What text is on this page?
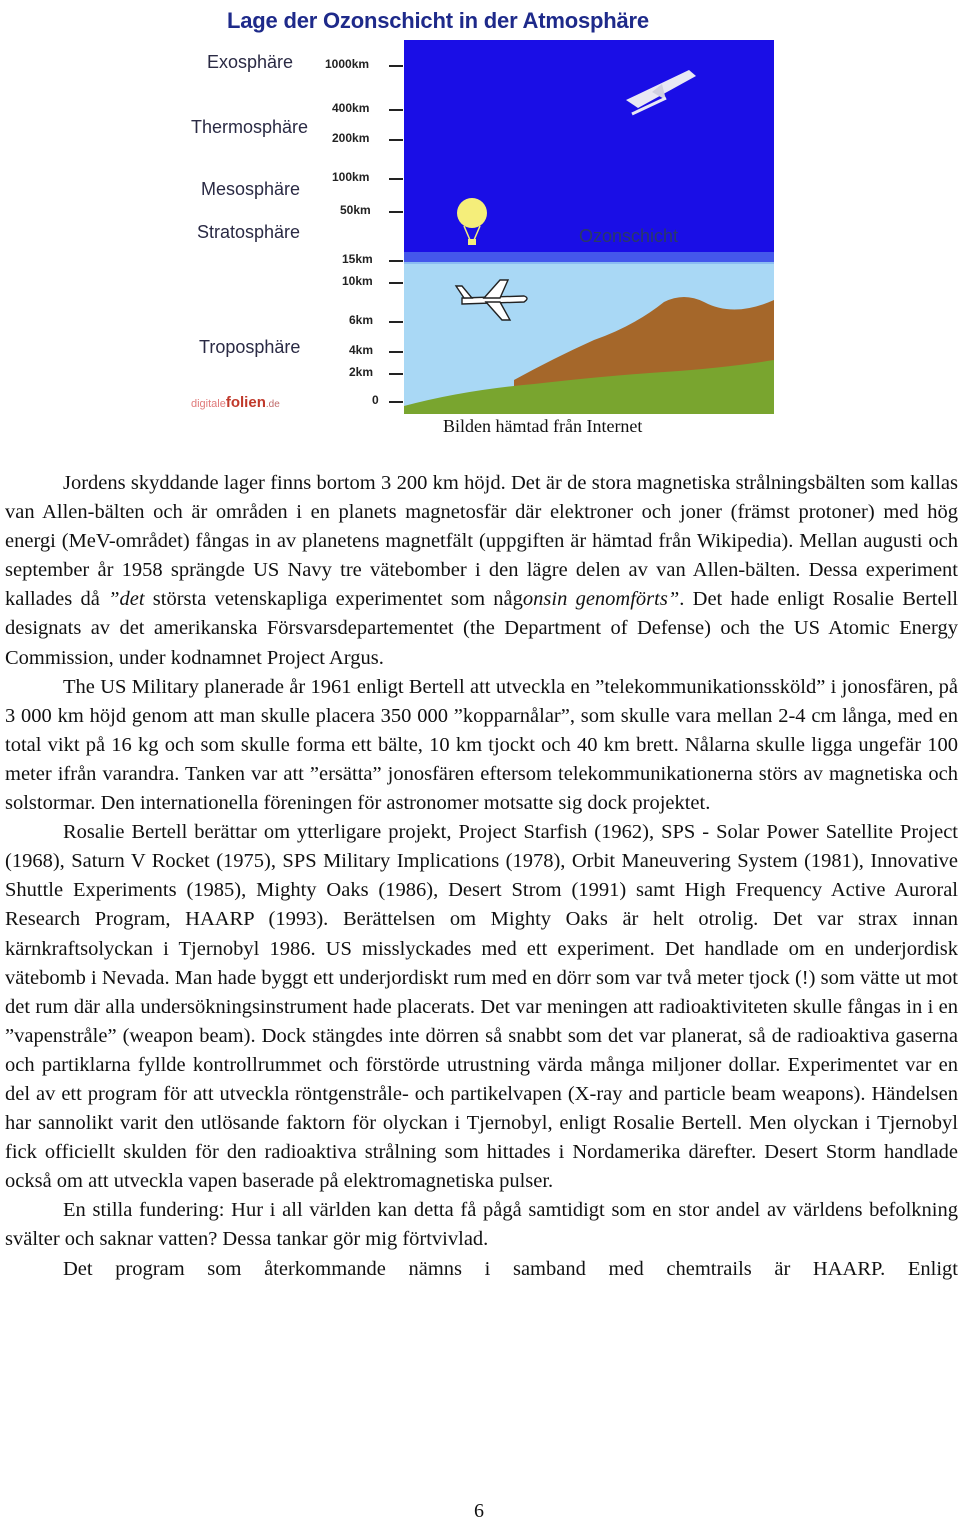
Lage der Ozonschicht in der Atmosphäre
Exosphäre
Thermosphäre
Mesosphäre
Stratosphäre
Troposphäre
1000km
400km
200km
100km
50km
15km
10km
6km
4km
2km
0
Ozonschicht
digitalefolien.de
Bilden hämtad från Internet

Jordens skyddande lager finns bortom 3 200 km höjd. Det är de stora magnetiska strålningsbälten som kallas van Allen-bälten och är områden i en planets magnetosfär där elektroner och joner (främst protoner) med hög energi (MeV-området) fångas in av planetens magnetfält (uppgiften är hämtad från Wikipedia). Mellan augusti och september år 1958 sprängde US Navy tre vätebomber i den lägre delen av van Allen-bälten. Dessa experiment kallades då ”det största vetenskapliga experimentet som någonsin genomförts”. Det hade enligt Rosalie Bertell designats av det amerikanska Försvarsdepartementet (the Department of Defense) och the US Atomic Energy Commission, under kodnamnet Project Argus.

The US Military planerade år 1961 enligt Bertell att utveckla en ”telekommunikationssköld” i jonosfären, på 3 000 km höjd genom att man skulle placera 350 000 ”kopparnålar”, som skulle vara mellan 2-4 cm långa, med en total vikt på 16 kg och som skulle forma ett bälte, 10 km tjockt och 40 km brett. Nålarna skulle ligga ungefär 100 meter ifrån varandra. Tanken var att ”ersätta” jonosfären eftersom telekommunikationerna störs av magnetiska och solstormar. Den internationella föreningen för astronomer motsatte sig dock projektet.

Rosalie Bertell berättar om ytterligare projekt, Project Starfish (1962), SPS - Solar Power Satellite Project (1968), Saturn V Rocket (1975), SPS Military Implications (1978), Orbit Maneuvering System (1981), Innovative Shuttle Experiments (1985), Mighty Oaks (1986), Desert Strom (1991) samt High Frequency Active Auroral Research Program, HAARP (1993). Berättelsen om Mighty Oaks är helt otrolig. Det var strax innan kärnkraftsolyckan i Tjernobyl 1986. US misslyckades med ett experiment. Det handlade om en underjordisk vätebomb i Nevada. Man hade byggt ett underjordiskt rum med en dörr som var två meter tjock (!) som vätte ut mot det rum där alla undersökningsinstrument hade placerats. Det var meningen att radioaktiviteten skulle fångas in i en ”vapenstråle” (weapon beam). Dock stängdes inte dörren så snabbt som det var planerat, så de radioaktiva gaserna och partiklarna fyllde kontrollrummet och förstörde utrustning värda många miljoner dollar. Experimentet var en del av ett program för att utveckla röntgenstråle- och partikelvapen (X-ray and particle beam weapons). Händelsen har sannolikt varit den utlösande faktorn för olyckan i Tjernobyl, enligt Rosalie Bertell. Men olyckan i Tjernobyl fick officiellt skulden för den radioaktiva strålning som hittades i Nordamerika därefter. Desert Storm handlade också om att utveckla vapen baserade på elektromagnetiska pulser.

En stilla fundering: Hur i all världen kan detta få pågå samtidigt som en stor andel av världens befolkning svälter och saknar vatten? Dessa tankar gör mig förtvivlad.

Det program som återkommande nämns i samband med chemtrails är HAARP. Enligt

6
